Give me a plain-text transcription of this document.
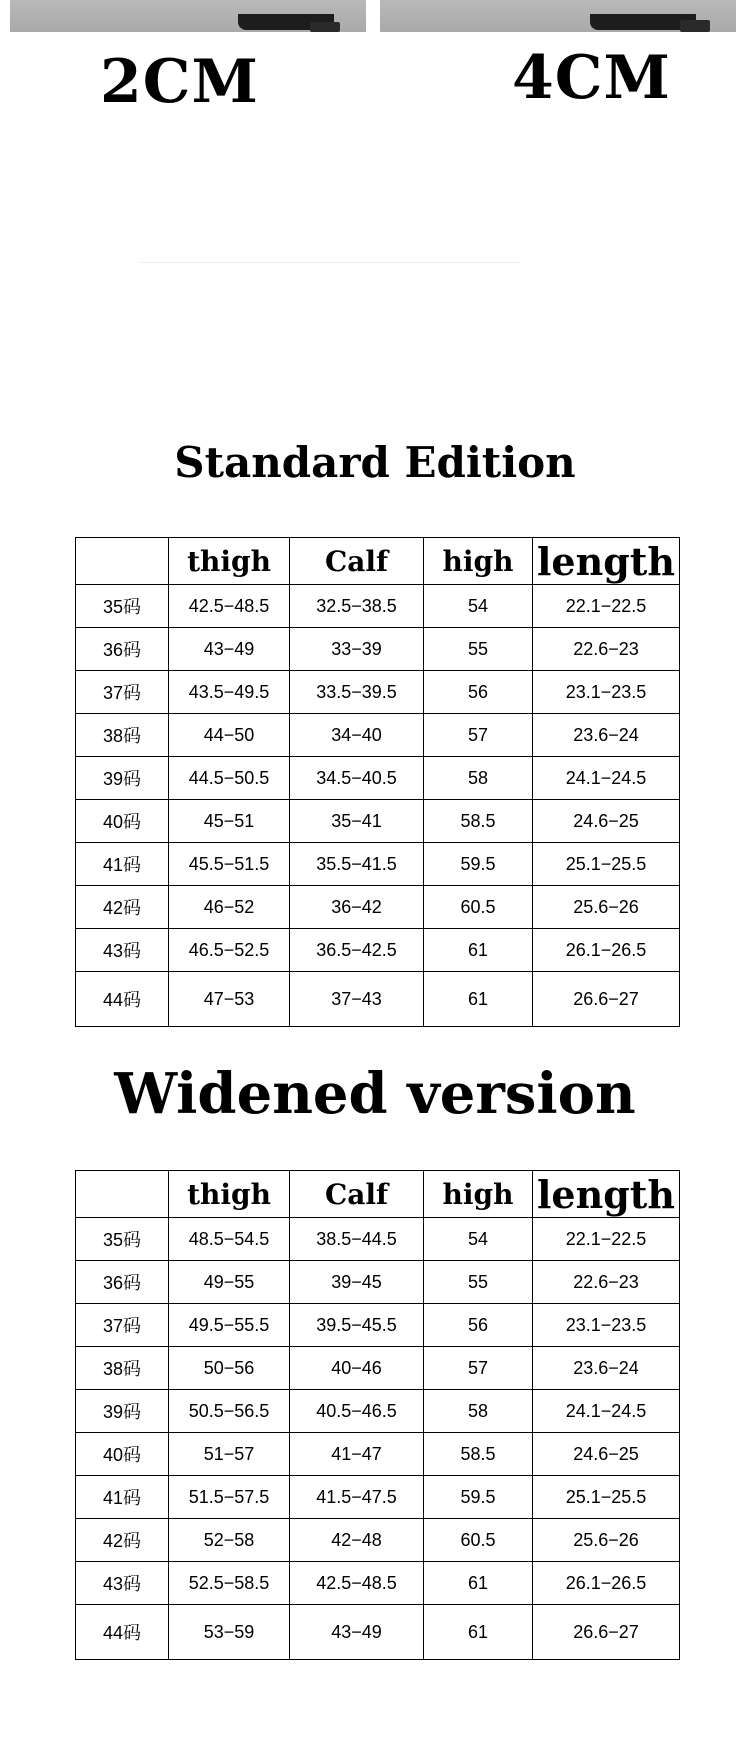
2CM	4CM
Standard Edition
	thigh	Calf	high	length
35码	42.5−48.5	32.5−38.5	54	22.1−22.5
36码	43−49	33−39	55	22.6−23
37码	43.5−49.5	33.5−39.5	56	23.1−23.5
38码	44−50	34−40	57	23.6−24
39码	44.5−50.5	34.5−40.5	58	24.1−24.5
40码	45−51	35−41	58.5	24.6−25
41码	45.5−51.5	35.5−41.5	59.5	25.1−25.5
42码	46−52	36−42	60.5	25.6−26
43码	46.5−52.5	36.5−42.5	61	26.1−26.5
44码	47−53	37−43	61	26.6−27
Widened version
	thigh	Calf	high	length
35码	48.5−54.5	38.5−44.5	54	22.1−22.5
36码	49−55	39−45	55	22.6−23
37码	49.5−55.5	39.5−45.5	56	23.1−23.5
38码	50−56	40−46	57	23.6−24
39码	50.5−56.5	40.5−46.5	58	24.1−24.5
40码	51−57	41−47	58.5	24.6−25
41码	51.5−57.5	41.5−47.5	59.5	25.1−25.5
42码	52−58	42−48	60.5	25.6−26
43码	52.5−58.5	42.5−48.5	61	26.1−26.5
44码	53−59	43−49	61	26.6−27
